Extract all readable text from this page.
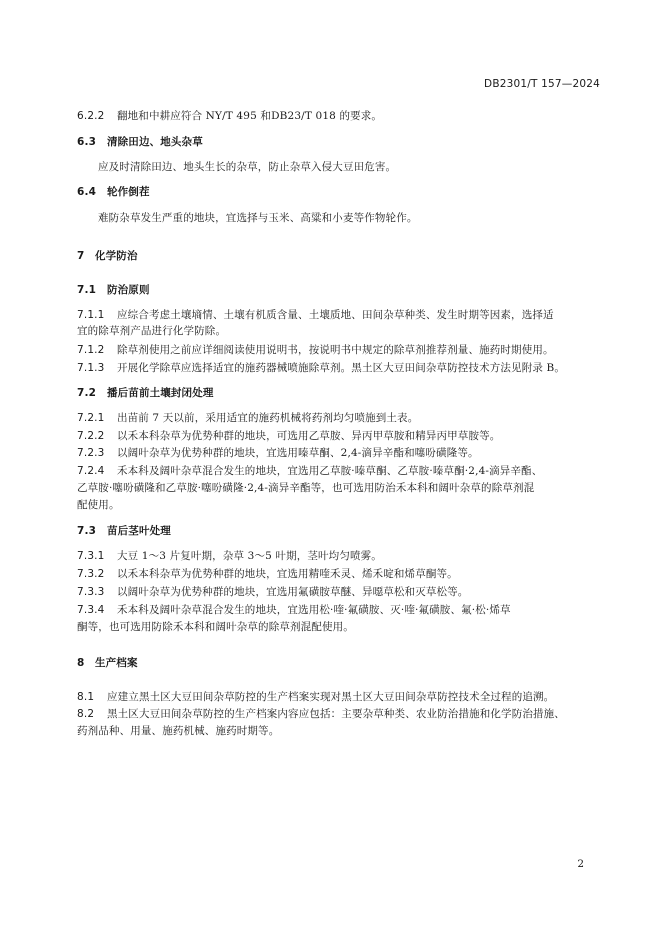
DB2301/T 157—2024
6.2.2 翻地和中耕应符合 NY/T 495 和DB23/T 018 的要求。
6.3 清除田边、地头杂草
应及时清除田边、地头生长的杂草，防止杂草入侵大豆田危害。
6.4 轮作倒茬
难防杂草发生严重的地块，宜选择与玉米、高粱和小麦等作物轮作。
7 化学防治
7.1 防治原则
7.1.1 应综合考虑土壤墒情、土壤有机质含量、土壤质地、田间杂草种类、发生时期等因素，选择适
宜的除草剂产品进行化学防除。
7.1.2 除草剂使用之前应详细阅读使用说明书，按说明书中规定的除草剂推荐剂量、施药时期使用。
7.1.3 开展化学除草应选择适宜的施药器械喷施除草剂。黑土区大豆田间杂草防控技术方法见附录 B。
7.2 播后苗前土壤封闭处理
7.2.1 出苗前 7 天以前，采用适宜的施药机械将药剂均匀喷施到土表。
7.2.2 以禾本科杂草为优势种群的地块，可选用乙草胺、异丙甲草胺和精异丙甲草胺等。
7.2.3 以阔叶杂草为优势种群的地块，宜选用嗪草酮、2,4-滴异辛酯和噻吩磺隆等。
7.2.4 禾本科及阔叶杂草混合发生的地块，宜选用乙草胺·嗪草酮、乙草胺·嗪草酮·2,4-滴异辛酯、
乙草胺·噻吩磺隆和乙草胺·噻吩磺隆·2,4-滴异辛酯等，也可选用防治禾本科和阔叶杂草的除草剂混
配使用。
7.3 苗后茎叶处理
7.3.1 大豆 1～3 片复叶期，杂草 3～5 叶期，茎叶均匀喷雾。
7.3.2 以禾本科杂草为优势种群的地块，宜选用精喹禾灵、烯禾啶和烯草酮等。
7.3.3 以阔叶杂草为优势种群的地块，宜选用氟磺胺草醚、异噁草松和灭草松等。
7.3.4 禾本科及阔叶杂草混合发生的地块，宜选用松·喹·氟磺胺、灭·喹·氟磺胺、氟·松·烯草
酮等，也可选用防除禾本科和阔叶杂草的除草剂混配使用。
8 生产档案
8.1 应建立黑土区大豆田间杂草防控的生产档案实现对黑土区大豆田间杂草防控技术全过程的追溯。
8.2 黑土区大豆田间杂草防控的生产档案内容应包括：主要杂草种类、农业防治措施和化学防治措施、
药剂品种、用量、施药机械、施药时期等。
2
